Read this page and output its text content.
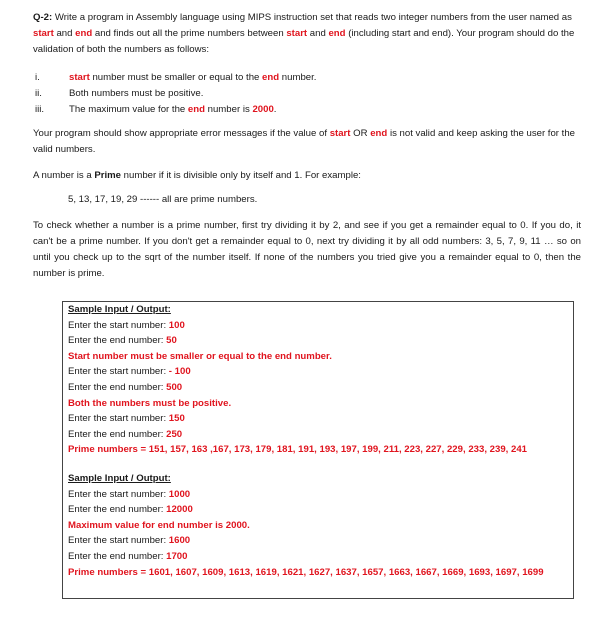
Q-2: Write a program in Assembly language using MIPS instruction set that reads two integer numbers from the user named as start and end and finds out all the prime numbers between start and end (including start and end). Your program should do the validation of both the numbers as follows:
i.	start number must be smaller or equal to the end number.
ii.	Both numbers must be positive.
iii.	The maximum value for the end number is 2000.
Your program should show appropriate error messages if the value of start OR end is not valid and keep asking the user for the valid numbers.
A number is a Prime number if it is divisible only by itself and 1. For example:
5, 13, 17, 19, 29 ------ all are prime numbers.
To check whether a number is a prime number, first try dividing it by 2, and see if you get a remainder equal to 0. If you do, it can't be a prime number. If you don't get a remainder equal to 0, next try dividing it by all odd numbers: 3, 5, 7, 9, 11 … so on until you check up to the sqrt of the number itself. If none of the numbers you tried give you a remainder equal to 0, then the number is prime.
Sample Input / Output:
Enter the start number: 100
Enter the end number: 50
Start number must be smaller or equal to the end number.
Enter the start number: - 100
Enter the end number: 500
Both the numbers must be positive.
Enter the start number: 150
Enter the end number: 250
Prime numbers = 151, 157, 163 ,167, 173, 179, 181, 191, 193, 197, 199, 211, 223, 227, 229, 233, 239, 241
Sample Input / Output:
Enter the start number: 1000
Enter the end number: 12000
Maximum value for end number is 2000.
Enter the start number: 1600
Enter the end number: 1700
Prime numbers = 1601, 1607, 1609, 1613, 1619, 1621, 1627, 1637, 1657, 1663, 1667, 1669, 1693, 1697, 1699
